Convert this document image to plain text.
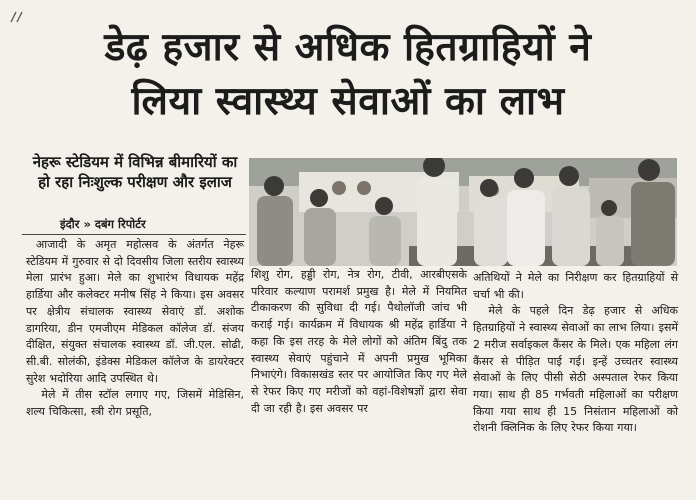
डेढ़ हजार से अधिक हितग्राहियों ने
लिया स्वास्थ्य सेवाओं का लाभ
नेहरू स्टेडियम में विभिन्न बीमारियों का हो रहा निःशुल्क परीक्षण और इलाज
इंदौर » दबंग रिपोर्टर

आजादी के अमृत महोत्सव के अंतर्गत नेहरू स्टेडियम में गुरुवार से दो दिवसीय जिला स्तरीय स्वास्थ्य मेला प्रारंभ हुआ। मेले का शुभारंभ विधायक महेंद्र हार्डिया और कलेक्टर मनीष सिंह ने किया। इस अवसर पर क्षेत्रीय संचालक स्वास्थ्य सेवाएं डॉ. अशोक डागरिया, डीन एमजीएम मेडिकल कॉलेज डॉ. संजय दीक्षित, संयुक्त संचालक स्वास्थ्य डॉ. जी.एल. सोढी, सी.बी. सोलंकी, इंडेक्स मेडिकल कॉलेज के डायरेक्टर सुरेश भदोरिया आदि उपस्थित थे।

मेले में तीस स्टॉल लगाए गए, जिसमें मेडिसिन, शल्य चिकित्सा, स्त्री रोग प्रसूति,

शिशु रोग, हड्डी रोग, नेत्र रोग, टीवी, आरबीएसके परिवार कल्याण परामर्श प्रमुख है। मेले में नियमित टीकाकरण की सुविधा दी गई। पैथोलॉजी जांच भी कराई गई। कार्यक्रम में विधायक श्री महेंद्र हार्डिया ने कहा कि इस तरह के मेले लोगों को अंतिम बिंदु तक स्वास्थ्य सेवाएं पहुंचाने में अपनी प्रमुख भूमिका निभाएंगे। विकासखंड स्तर पर आयोजित किए गए मेले से रेफर किए गए मरीजों को वहां-विशेषज्ञों द्वारा सेवा दी जा रही है। इस अवसर पर

अतिथियों ने मेले का निरीक्षण कर हितग्राहियों से चर्चा भी की।

मेले के पहले दिन डेढ़ हजार से अधिक हितग्राहियों ने स्वास्थ्य सेवाओं का लाभ लिया। इसमें 2 मरीज सर्वाइकल कैंसर के मिले। एक महिला लंग कैंसर से पीड़ित पाई गई। इन्हें उच्चतर स्वास्थ्य सेवाओं के लिए पीसी सेठी अस्पताल रेफर किया गया। साथ ही 85 गर्भवती महिलाओं का परीक्षण किया गया साथ ही 15 निसंतान महिलाओं को रोशनी क्लिनिक के लिए रेफर किया गया।
